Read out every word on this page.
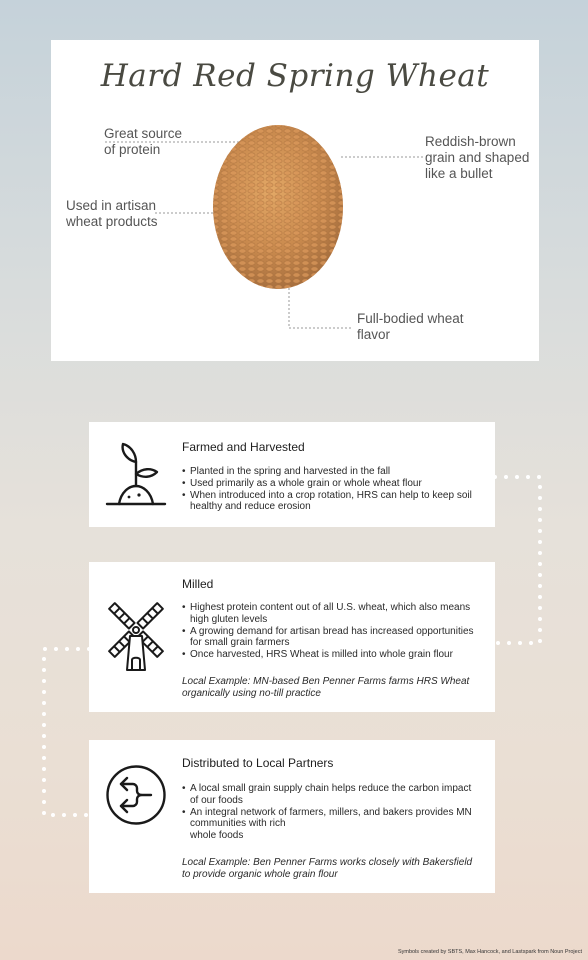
Hard Red Spring Wheat
Great source
of protein
Used in artisan
wheat products
Reddish-brown
grain and shaped
like a bullet
Full-bodied wheat
flavor
Farmed and Harvested
• Planted in the spring and harvested in the fall
• Used primarily as a whole grain or whole wheat flour
• When introduced into a crop rotation, HRS can help to keep soil healthy and reduce erosion
Milled
• Highest protein content out of all U.S. wheat, which also means high gluten levels
• A growing demand for artisan bread has increased opportunities for small grain farmers
• Once harvested, HRS Wheat is milled into whole grain flour
Local Example: MN-based Ben Penner Farms farms HRS Wheat organically using no-till practice
Distributed to Local Partners
• A local small grain supply chain helps reduce the carbon impact of our foods
• An integral network of farmers, millers, and bakers provides MN communities with rich
whole foods
Local Example: Ben Penner Farms works closely with Bakersfield to provide organic whole grain flour
Symbols created by SBTS, Max Hancock, and Lastspark from Noun Project
